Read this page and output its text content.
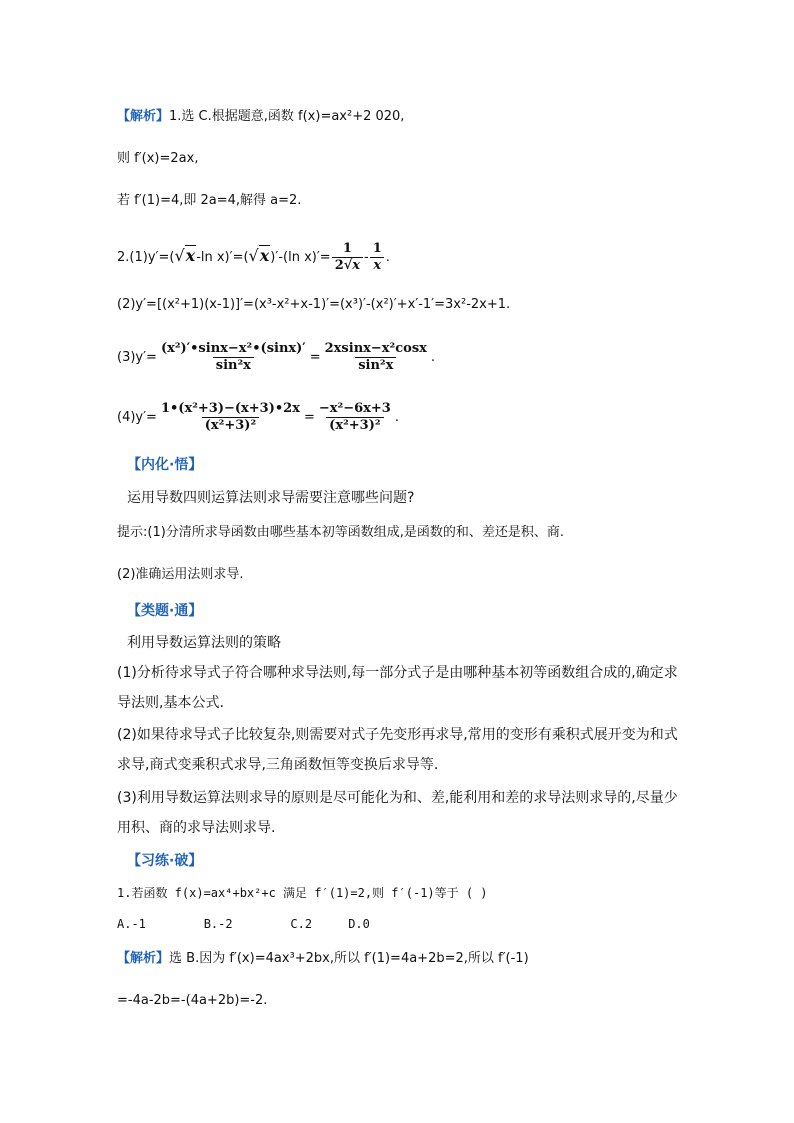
【解析】1.选 C.根据题意,函数 f(x)=ax²+2 020,
则 f′(x)=2ax,
若 f′(1)=4,即 2a=4,解得 a=2.
2.(1)y′=(√x-ln x)′=(√x)′-(ln $x)'= \frac{1}{2√x} - \frac{1}{x}$ .
(2)y′=[(x²+1)(x-1)]′=(x³-x²+x-1)′=(x³)′-(x²)′+x′-1′=3x²-2x+1.
$(3)y'= \frac{\text{(x²)′•sinx−x²•(sinx)′}}{\text{sin²x}} = \frac{\text{2xsinx−x²cosx}}{\text{sin²x}}$ .
$(4)y'= \frac{\text{1•(x²+3)−(x+3)•2x}}{\text{(x²+3)²}} = \frac{\text{−x²−6x+3}}{\text{(x²+3)²}}$ .
【内化·悟】
运用导数四则运算法则求导需要注意哪些问题?
提示:(1)分清所求导函数由哪些基本初等函数组成,是函数的和、差还是积、商.
(2)准确运用法则求导.
【类题·通】
利用导数运算法则的策略
(1)分析待求导式子符合哪种求导法则,每一部分式子是由哪种基本初等函数组合成的,确定求导法则,基本公式.
(2)如果待求导式子比较复杂,则需要对式子先变形再求导,常用的变形有乘积式展开变为和式求导,商式变乘积式求导,三角函数恒等变换后求导等.
(3)利用导数运算法则求导的原则是尽可能化为和、差,能利用和差的求导法则求导的,尽量少用积、商的求导法则求导.
【习练·破】
1.若函数 f(x)=ax⁴+bx²+c 满足 f′(1)=2,则 f′(-1)等于 ( )
A.-1        B.-2        C.2     D.0
【解析】选 B.因为 f′(x)=4ax³+2bx,所以 f′(1)=4a+2b=2,所以 f′(-1)
=-4a-2b=-(4a+2b)=-2.
